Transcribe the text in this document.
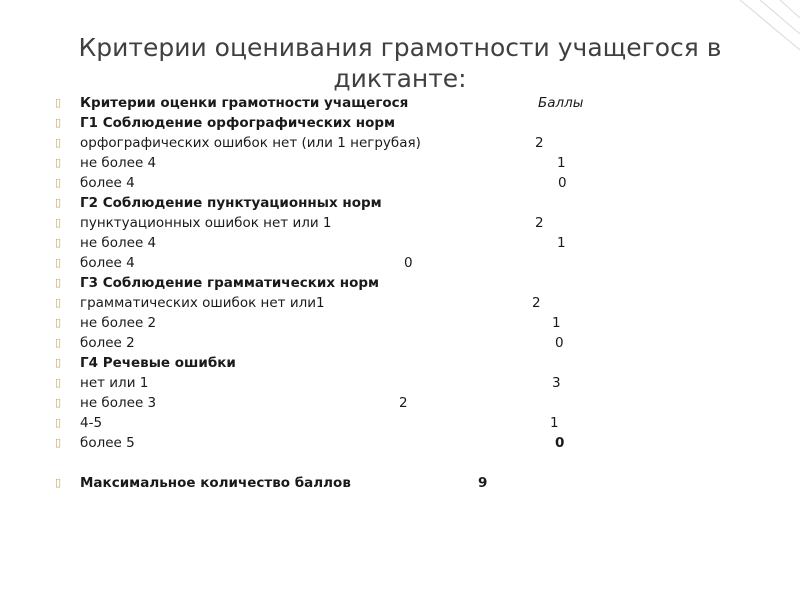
Критерии оценивания грамотности учащегося в диктанте:
▯ Критерии оценки грамотности учащегося	Баллы
▯ Г1 Соблюдение орфографических норм
▯ орфографических ошибок нет (или 1 негрубая)	2
▯ не более 4	1
▯ более 4	0
▯ Г2 Соблюдение пунктуационных норм
▯ пунктуационных ошибок нет или 1	2
▯ не более 4	1
▯ более 4	0
▯ Г3 Соблюдение грамматических норм
▯ грамматических ошибок нет или1	2
▯ не более 2	1
▯ более 2	0
▯ Г4 Речевые ошибки
▯ нет или 1	3
▯ не более 3	2
▯ 4-5	1
▯ более 5	0
▯ Максимальное количество баллов	9
